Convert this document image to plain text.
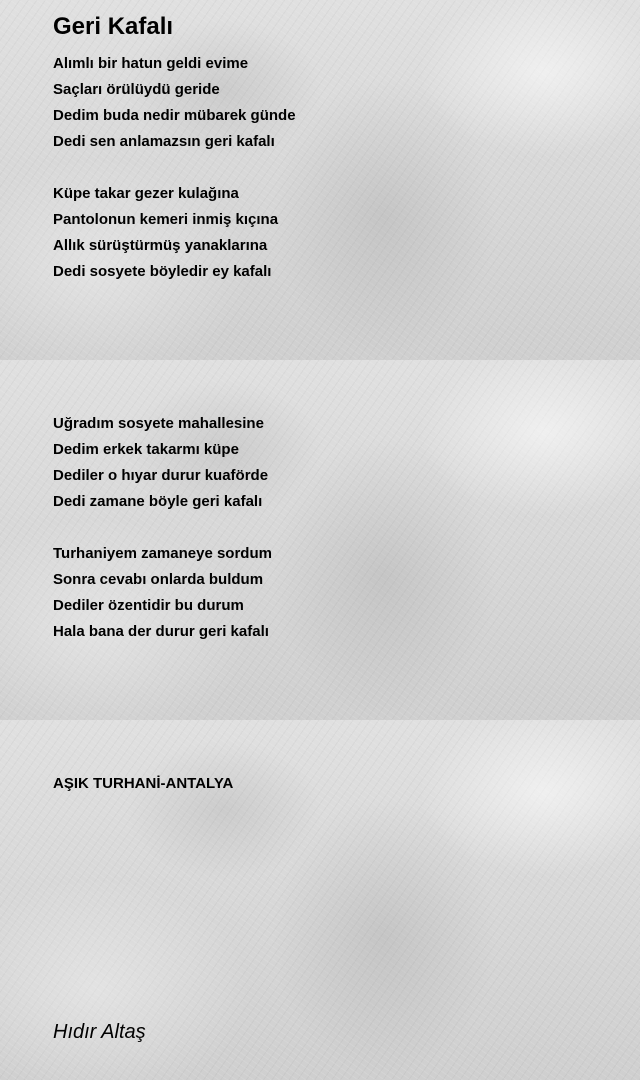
Geri Kafalı
Alımlı bir hatun geldi evime
Saçları örülüydü geride
Dedim buda nedir mübarek günde
Dedi sen anlamazsın geri kafalı
Küpe takar gezer kulağına
Pantolonun kemeri inmiş kıçına
Allık sürüştürmüş yanaklarına
Dedi sosyete böyledir ey kafalı
Uğradım sosyete mahallesine
Dedim erkek takarmı küpe
Dediler o hıyar durur kuaförde
Dedi zamane böyle geri kafalı
Turhaniyem zamaneye sordum
Sonra cevabı onlarda buldum
Dediler özentidir bu durum
Hala bana der durur geri kafalı
AŞIK TURHANİ-ANTALYA
Hıdır Altaş
